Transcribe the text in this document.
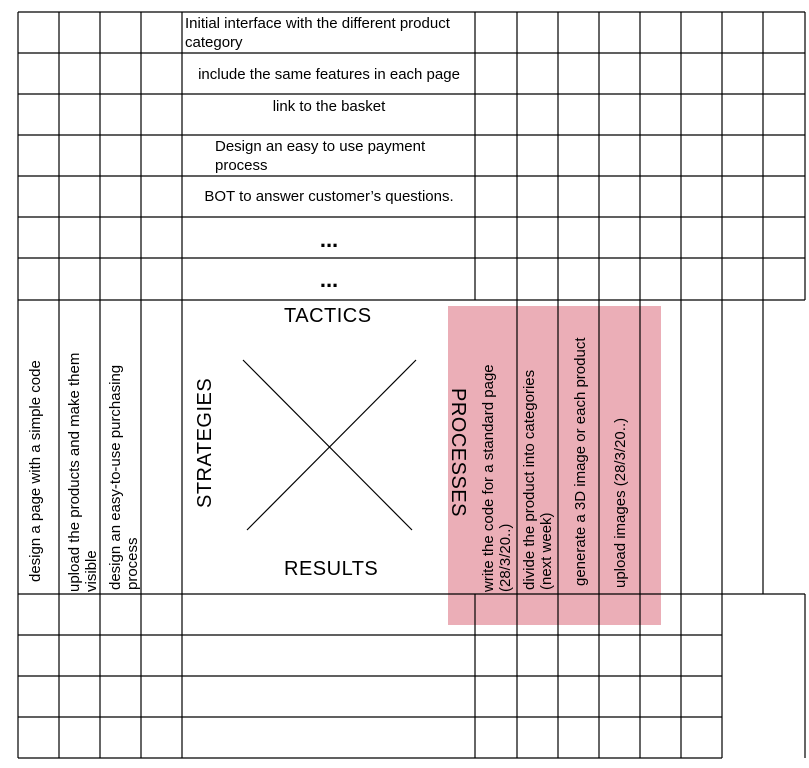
Initial interface with the different product category
include the same features in each page
link to the basket
Design an easy to use payment process
BOT to answer customer’s questions.
...
...
TACTICS
RESULTS
STRATEGIES	PROCESSES
design a page with a simple code upload the products and make them visible design an easy-to-use purchasing process	write the code for a standard page (28/3/20..) divide the product into categories (next week) generate a 3D image or each product upload images (28/3/20..)
